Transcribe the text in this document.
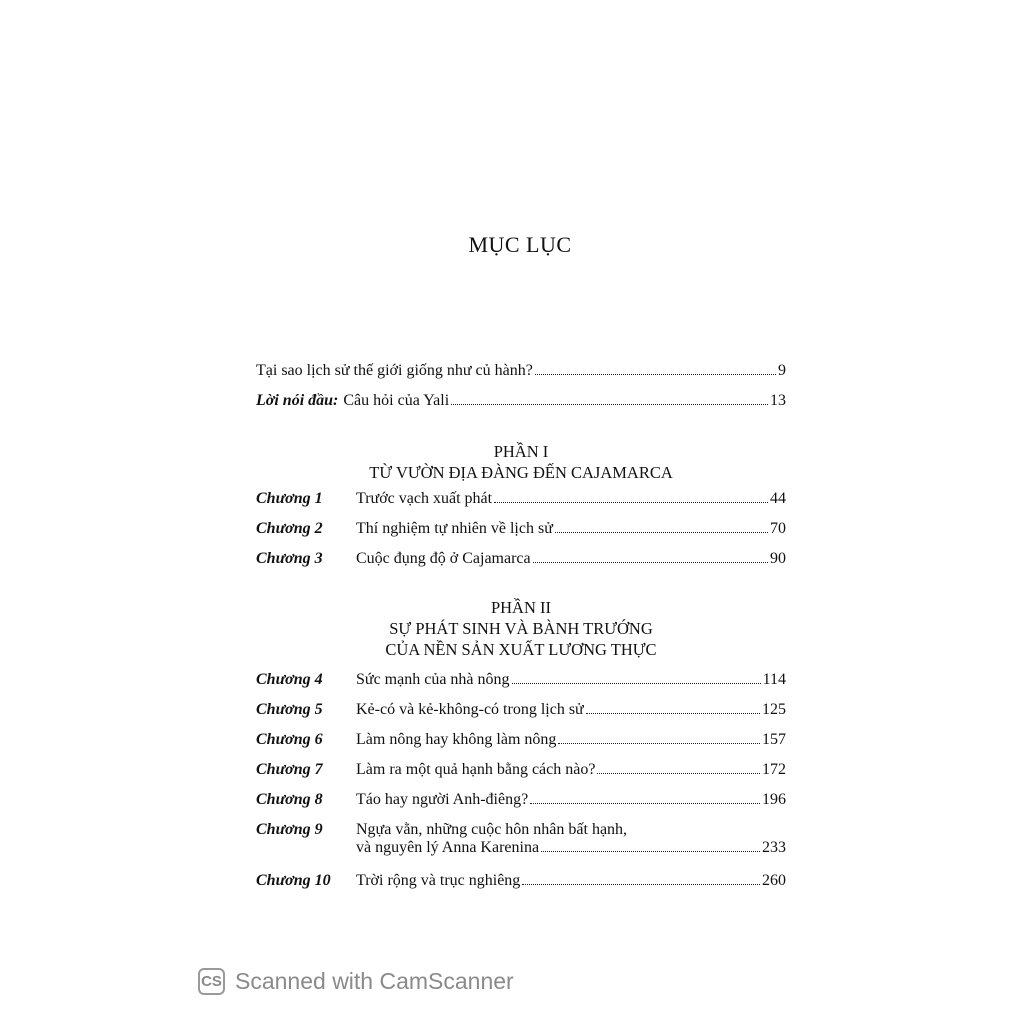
MỤC LỤC
Tại sao lịch sử thế giới giống như củ hành?	9
Lời nói đầu: Câu hỏi của Yali	13
PHẦN I
TỪ VƯỜN ĐỊA ĐÀNG ĐẾN CAJAMARCA
Chương 1	Trước vạch xuất phát	44
Chương 2	Thí nghiệm tự nhiên về lịch sử	70
Chương 3	Cuộc đụng độ ở Cajamarca	90
PHẦN II
SỰ PHÁT SINH VÀ BÀNH TRƯỚNG
CỦA NỀN SẢN XUẤT LƯƠNG THỰC
Chương 4	Sức mạnh của nhà nông	114
Chương 5	Kẻ-có và kẻ-không-có trong lịch sử	125
Chương 6	Làm nông hay không làm nông	157
Chương 7	Làm ra một quả hạnh bằng cách nào?	172
Chương 8	Táo hay người Anh-điêng?	196
Chương 9	Ngựa vằn, những cuộc hôn nhân bất hạnh,
và nguyên lý Anna Karenina	233
Chương 10	Trời rộng và trục nghiêng	260
CS Scanned with CamScanner
